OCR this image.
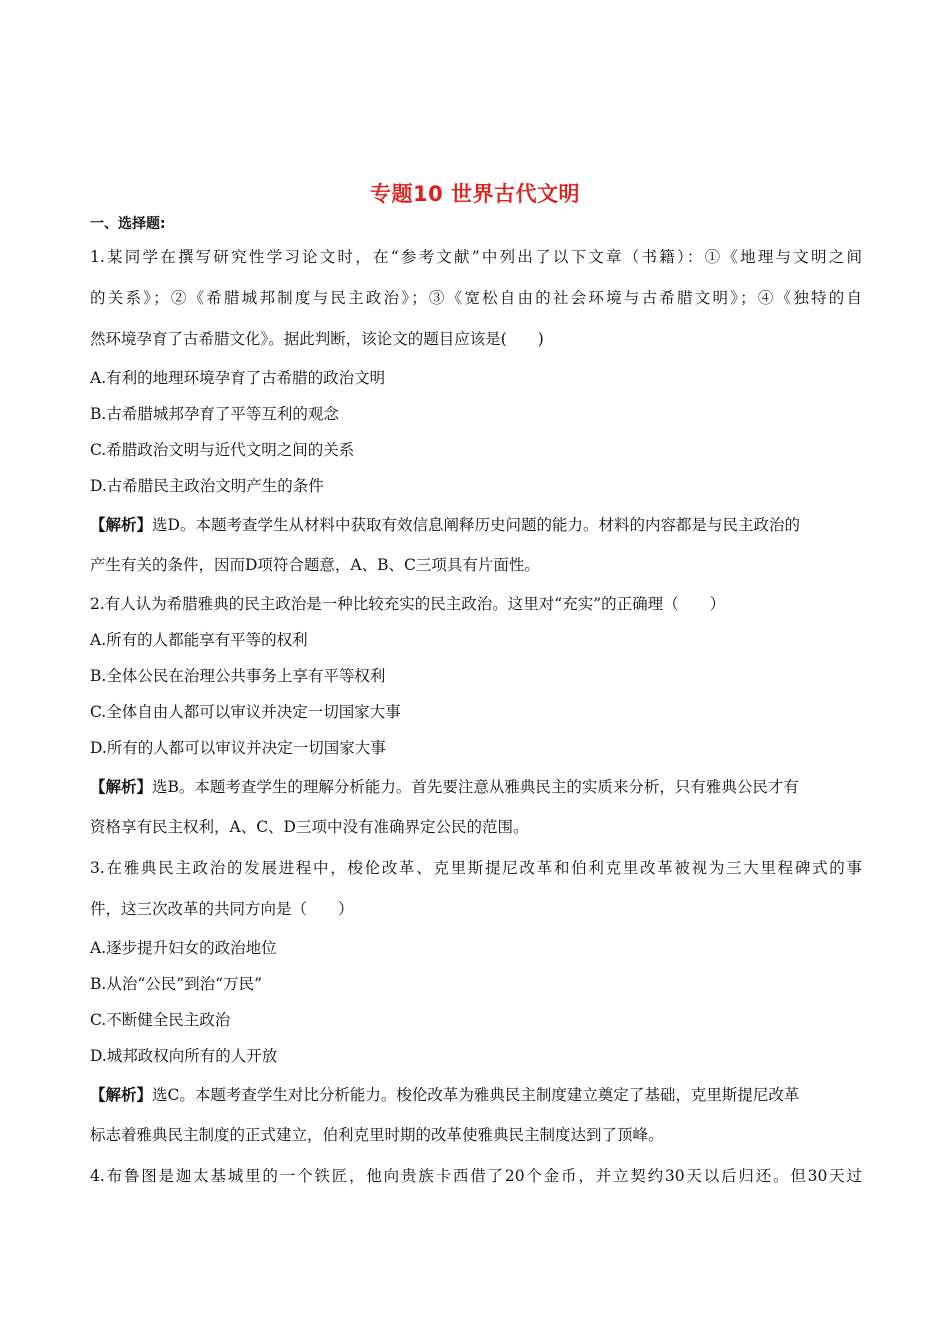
专题10 世界古代文明
一、选择题:
1.某同学在撰写研究性学习论文时，在“参考文献”中列出了以下文章（书籍）：①《地理与文明之间
的关系》；②《希腊城邦制度与民主政治》；③《宽松自由的社会环境与古希腊文明》；④《独特的自
然环境孕育了古希腊文化》。据此判断，该论文的题目应该是(　　)
A.有利的地理环境孕育了古希腊的政治文明
B.古希腊城邦孕育了平等互利的观念
C.希腊政治文明与近代文明之间的关系
D.古希腊民主政治文明产生的条件
【解析】选D。本题考查学生从材料中获取有效信息阐释历史问题的能力。材料的内容都是与民主政治的
产生有关的条件，因而D项符合题意，A、B、C三项具有片面性。
2.有人认为希腊雅典的民主政治是一种比较充实的民主政治。这里对“充实”的正确理（　　）
A.所有的人都能享有平等的权利
B.全体公民在治理公共事务上享有平等权利
C.全体自由人都可以审议并决定一切国家大事
D.所有的人都可以审议并决定一切国家大事
【解析】选B。本题考查学生的理解分析能力。首先要注意从雅典民主的实质来分析，只有雅典公民才有
资格享有民主权利，A、C、D三项中没有准确界定公民的范围。
3.在雅典民主政治的发展进程中，梭伦改革、克里斯提尼改革和伯利克里改革被视为三大里程碑式的事
件，这三次改革的共同方向是（　　）
A.逐步提升妇女的政治地位
B.从治“公民”到治“万民”
C.不断健全民主政治
D.城邦政权向所有的人开放
【解析】选C。本题考查学生对比分析能力。梭伦改革为雅典民主制度建立奠定了基础，克里斯提尼改革
标志着雅典民主制度的正式建立，伯利克里时期的改革使雅典民主制度达到了顶峰。
4.布鲁图是迦太基城里的一个铁匠，他向贵族卡西借了20个金币，并立契约30天以后归还。但30天过
